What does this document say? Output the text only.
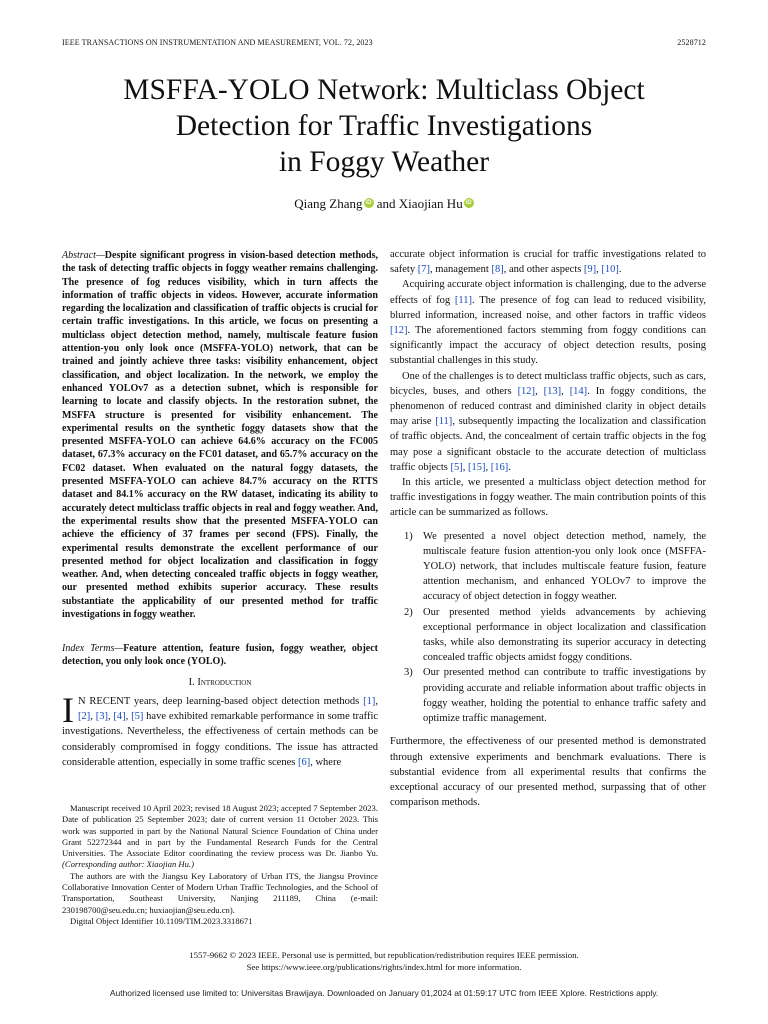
IEEE TRANSACTIONS ON INSTRUMENTATION AND MEASUREMENT, VOL. 72, 2023	2528712
MSFFA-YOLO Network: Multiclass Object
Detection for Traffic Investigations
in Foggy Weather
Qiang Zhang iD and Xiaojian Hu iD
Abstract—Despite significant progress in vision-based detection methods, the task of detecting traffic objects in foggy weather remains challenging. The presence of fog reduces visibility, which in turn affects the information of traffic objects in videos. However, accurate information regarding the localization and classification of traffic objects is crucial for certain traffic investigations. In this article, we focus on presenting a multiclass object detection method, namely, multiscale feature fusion attention-you only look once (MSFFA-YOLO) network, that can be trained and jointly achieve three tasks: visibility enhancement, object classification, and object localization. In the network, we employ the enhanced YOLOv7 as a detection subnet, which is responsible for learning to locate and classify objects. In the restoration subnet, the MSFFA structure is presented for visibility enhancement. The experimental results on the synthetic foggy datasets show that the presented MSFFA-YOLO can achieve 64.6% accuracy on the FC005 dataset, 67.3% accuracy on the FC01 dataset, and 65.7% accuracy on the FC02 dataset. When evaluated on the natural foggy datasets, the presented MSFFA-YOLO can achieve 84.7% accuracy on the RTTS dataset and 84.1% accuracy on the RW dataset, indicating its ability to accurately detect multiclass traffic objects in real and foggy weather. And, the experimental results show that the presented MSFFA-YOLO can achieve the efficiency of 37 frames per second (FPS). Finally, the experimental results demonstrate the excellent performance of our presented method for object localization and classification in foggy weather. And, when detecting concealed traffic objects in foggy weather, our presented method exhibits superior accuracy. These results substantiate the applicability of our presented method for traffic investigations in foggy weather.
Index Terms—Feature attention, feature fusion, foggy weather, object detection, you only look once (YOLO).
I. Introduction
I N RECENT years, deep learning-based object detection methods [1], [2], [3], [4], [5] have exhibited remarkable performance in some traffic investigations. Nevertheless, the effectiveness of certain methods can be considerably compromised in foggy conditions. The issue has attracted considerable attention, especially in some traffic scenes [6], where

Manuscript received 10 April 2023; revised 18 August 2023; accepted 7 September 2023. Date of publication 25 September 2023; date of current version 11 October 2023. This work was supported in part by the National Natural Science Foundation of China under Grant 52272344 and in part by the Fundamental Research Funds for the Central Universities. The Associate Editor coordinating the review process was Dr. Jianbo Yu. (Corresponding author: Xiaojian Hu.)

The authors are with the Jiangsu Key Laboratory of Urban ITS, the Jiangsu Province Collaborative Innovation Center of Modern Urban Traffic Technologies, and the School of Transportation, Southeast University, Nanjing 211189, China (e-mail: 230198700@seu.edu.cn; huxiaojian@seu.edu.cn).

Digital Object Identifier 10.1109/TIM.2023.3318671

accurate object information is crucial for traffic investigations related to safety [7], management [8], and other aspects [9], [10].

Acquiring accurate object information is challenging, due to the adverse effects of fog [11]. The presence of fog can lead to reduced visibility, blurred information, increased noise, and other factors in traffic videos [12]. The aforementioned factors stemming from foggy conditions can significantly impact the accuracy of object detection results, posing substantial challenges in this study.

One of the challenges is to detect multiclass traffic objects, such as cars, bicycles, buses, and others [12], [13], [14]. In foggy conditions, the phenomenon of reduced contrast and diminished clarity in object details may arise [11], subsequently impacting the localization and classification of traffic objects. And, the concealment of certain traffic objects in the fog may pose a significant obstacle to the accurate detection of multiclass traffic objects [5], [15], [16].

In this article, we presented a multiclass object detection method for traffic investigations in foggy weather. The main contribution points of this article can be summarized as follows.

1) We presented a novel object detection method, namely, the multiscale feature fusion attention-you only look once (MSFFA-YOLO) network, that includes multiscale feature fusion, feature attention mechanism, and enhanced YOLOv7 to improve the accuracy of object detection in foggy weather.
2) Our presented method yields advancements by achieving exceptional performance in object localization and classification tasks, while also demonstrating its superior accuracy in detecting concealed traffic objects amidst foggy conditions.
3) Our presented method can contribute to traffic investigations by providing accurate and reliable information about traffic objects in foggy weather, holding the potential to enhance traffic safety and optimize traffic management.

Furthermore, the effectiveness of our presented method is demonstrated through extensive experiments and benchmark evaluations. There is substantial evidence from all experimental results that confirms the exceptional accuracy of our presented method, surpassing that of other comparison methods.

1557-9662 © 2023 IEEE. Personal use is permitted, but republication/redistribution requires IEEE permission.
See https://www.ieee.org/publications/rights/index.html for more information.
Authorized licensed use limited to: Universitas Brawijaya. Downloaded on January 01,2024 at 01:59:17 UTC from IEEE Xplore. Restrictions apply.
